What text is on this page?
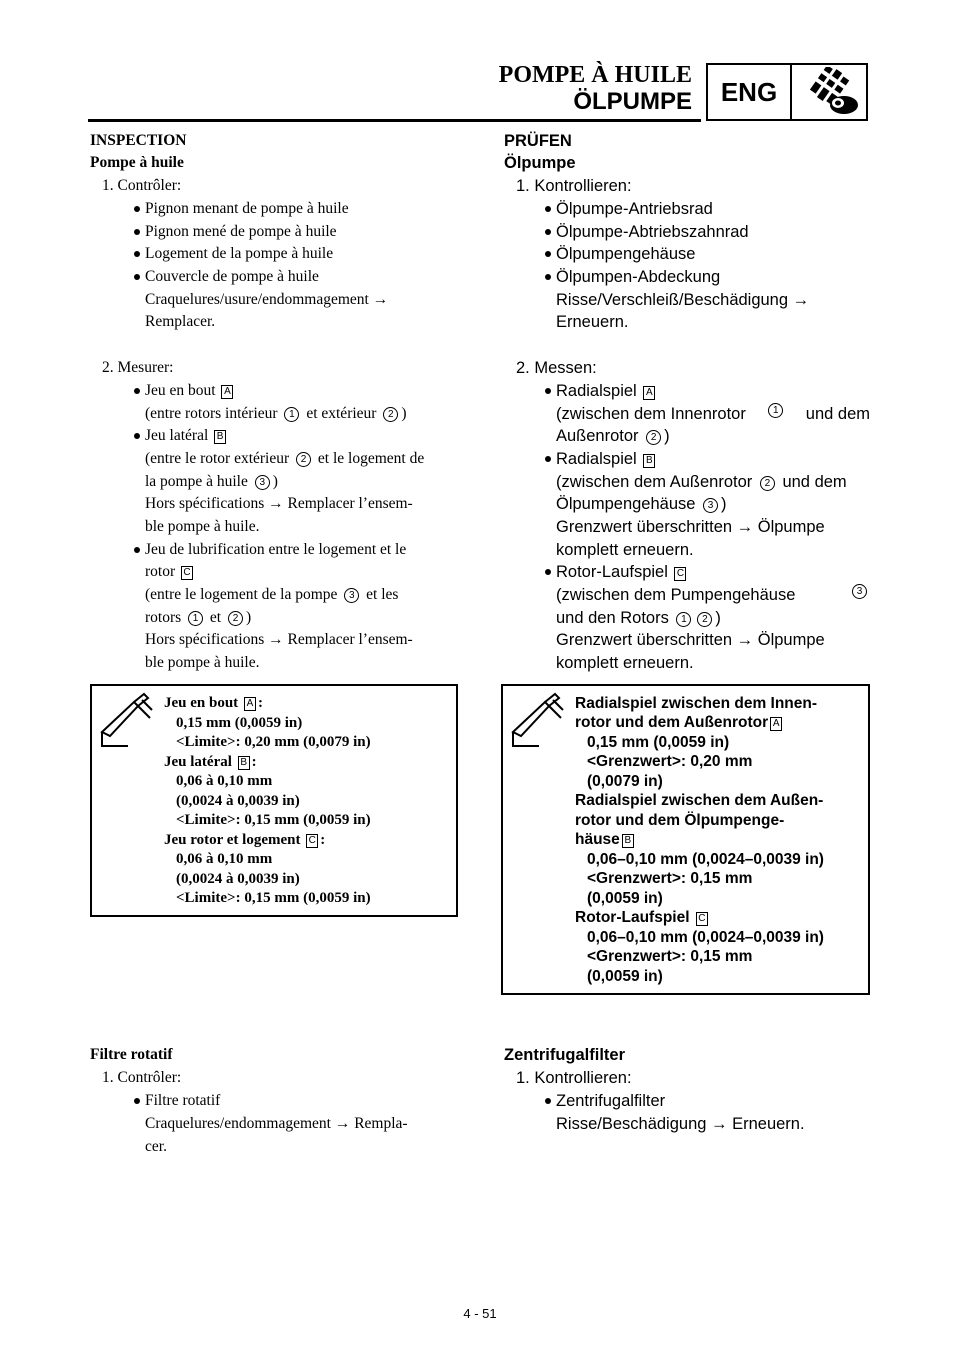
POMPE À HUILE
ÖLPUMPE	ENG
INSPECTION
Pompe à huile
1. Contrôler:
Pignon menant de pompe à huile
Pignon mené de pompe à huile
Logement de la pompe à huile
Couvercle de pompe à huile
Craquelures/usure/endommagement →
Remplacer.
2. Mesurer:
Jeu en bout A
(entre rotors intérieur 1 et extérieur 2 )
Jeu latéral B
(entre le rotor extérieur 2 et le logement de
la pompe à huile 3 )
Hors spécifications → Remplacer l’ensem-
ble pompe à huile.
Jeu de lubrification entre le logement et le
rotor C
(entre le logement de la pompe 3 et les
rotors 1 et 2 )
Hors spécifications → Remplacer l’ensem-
ble pompe à huile.
Filtre rotatif
1. Contrôler:
Filtre rotatif
Craquelures/endommagement → Rempla-
cer.
Jeu en bout A :
0,15 mm (0,0059 in)
<Limite>: 0,20 mm (0,0079 in)
Jeu latéral B :
0,06 à 0,10 mm
(0,0024 à 0,0039 in)
<Limite>: 0,15 mm (0,0059 in)
Jeu rotor et logement C :
0,06 à 0,10 mm
(0,0024 à 0,0039 in)
<Limite>: 0,15 mm (0,0059 in)
PRÜFEN
Ölpumpe
1. Kontrollieren:
Ölpumpe-Antriebsrad
Ölpumpe-Abtriebszahnrad
Ölpumpengehäuse
Ölpumpen-Abdeckung
Risse/Verschleiß/Beschädigung →
Erneuern.
2. Messen:
Radialspiel A
(zwischen dem Innenrotor	1 und dem
Außenrotor 2 )
Radialspiel B
(zwischen dem Außenrotor 2 und dem
Ölpumpengehäuse 3 )
Grenzwert überschritten → Ölpumpe
komplett erneuern.
Rotor-Laufspiel C
(zwischen dem Pumpengehäuse	3
und den Rotors 1 2 )
Grenzwert überschritten → Ölpumpe
komplett erneuern.
Zentrifugalfilter
1. Kontrollieren:
Zentrifugalfilter
Risse/Beschädigung → Erneuern.
Radialspiel zwischen dem Innen-
rotor und dem Außenrotor A
0,15 mm (0,0059 in)
<Grenzwert>: 0,20 mm
(0,0079 in)
Radialspiel zwischen dem Außen-
rotor und dem Ölpumpenge-
häuse B
0,06–0,10 mm (0,0024–0,0039 in)
<Grenzwert>: 0,15 mm
(0,0059 in)
Rotor-Laufspiel C
0,06–0,10 mm (0,0024–0,0039 in)
<Grenzwert>: 0,15 mm
(0,0059 in)
4 - 51
